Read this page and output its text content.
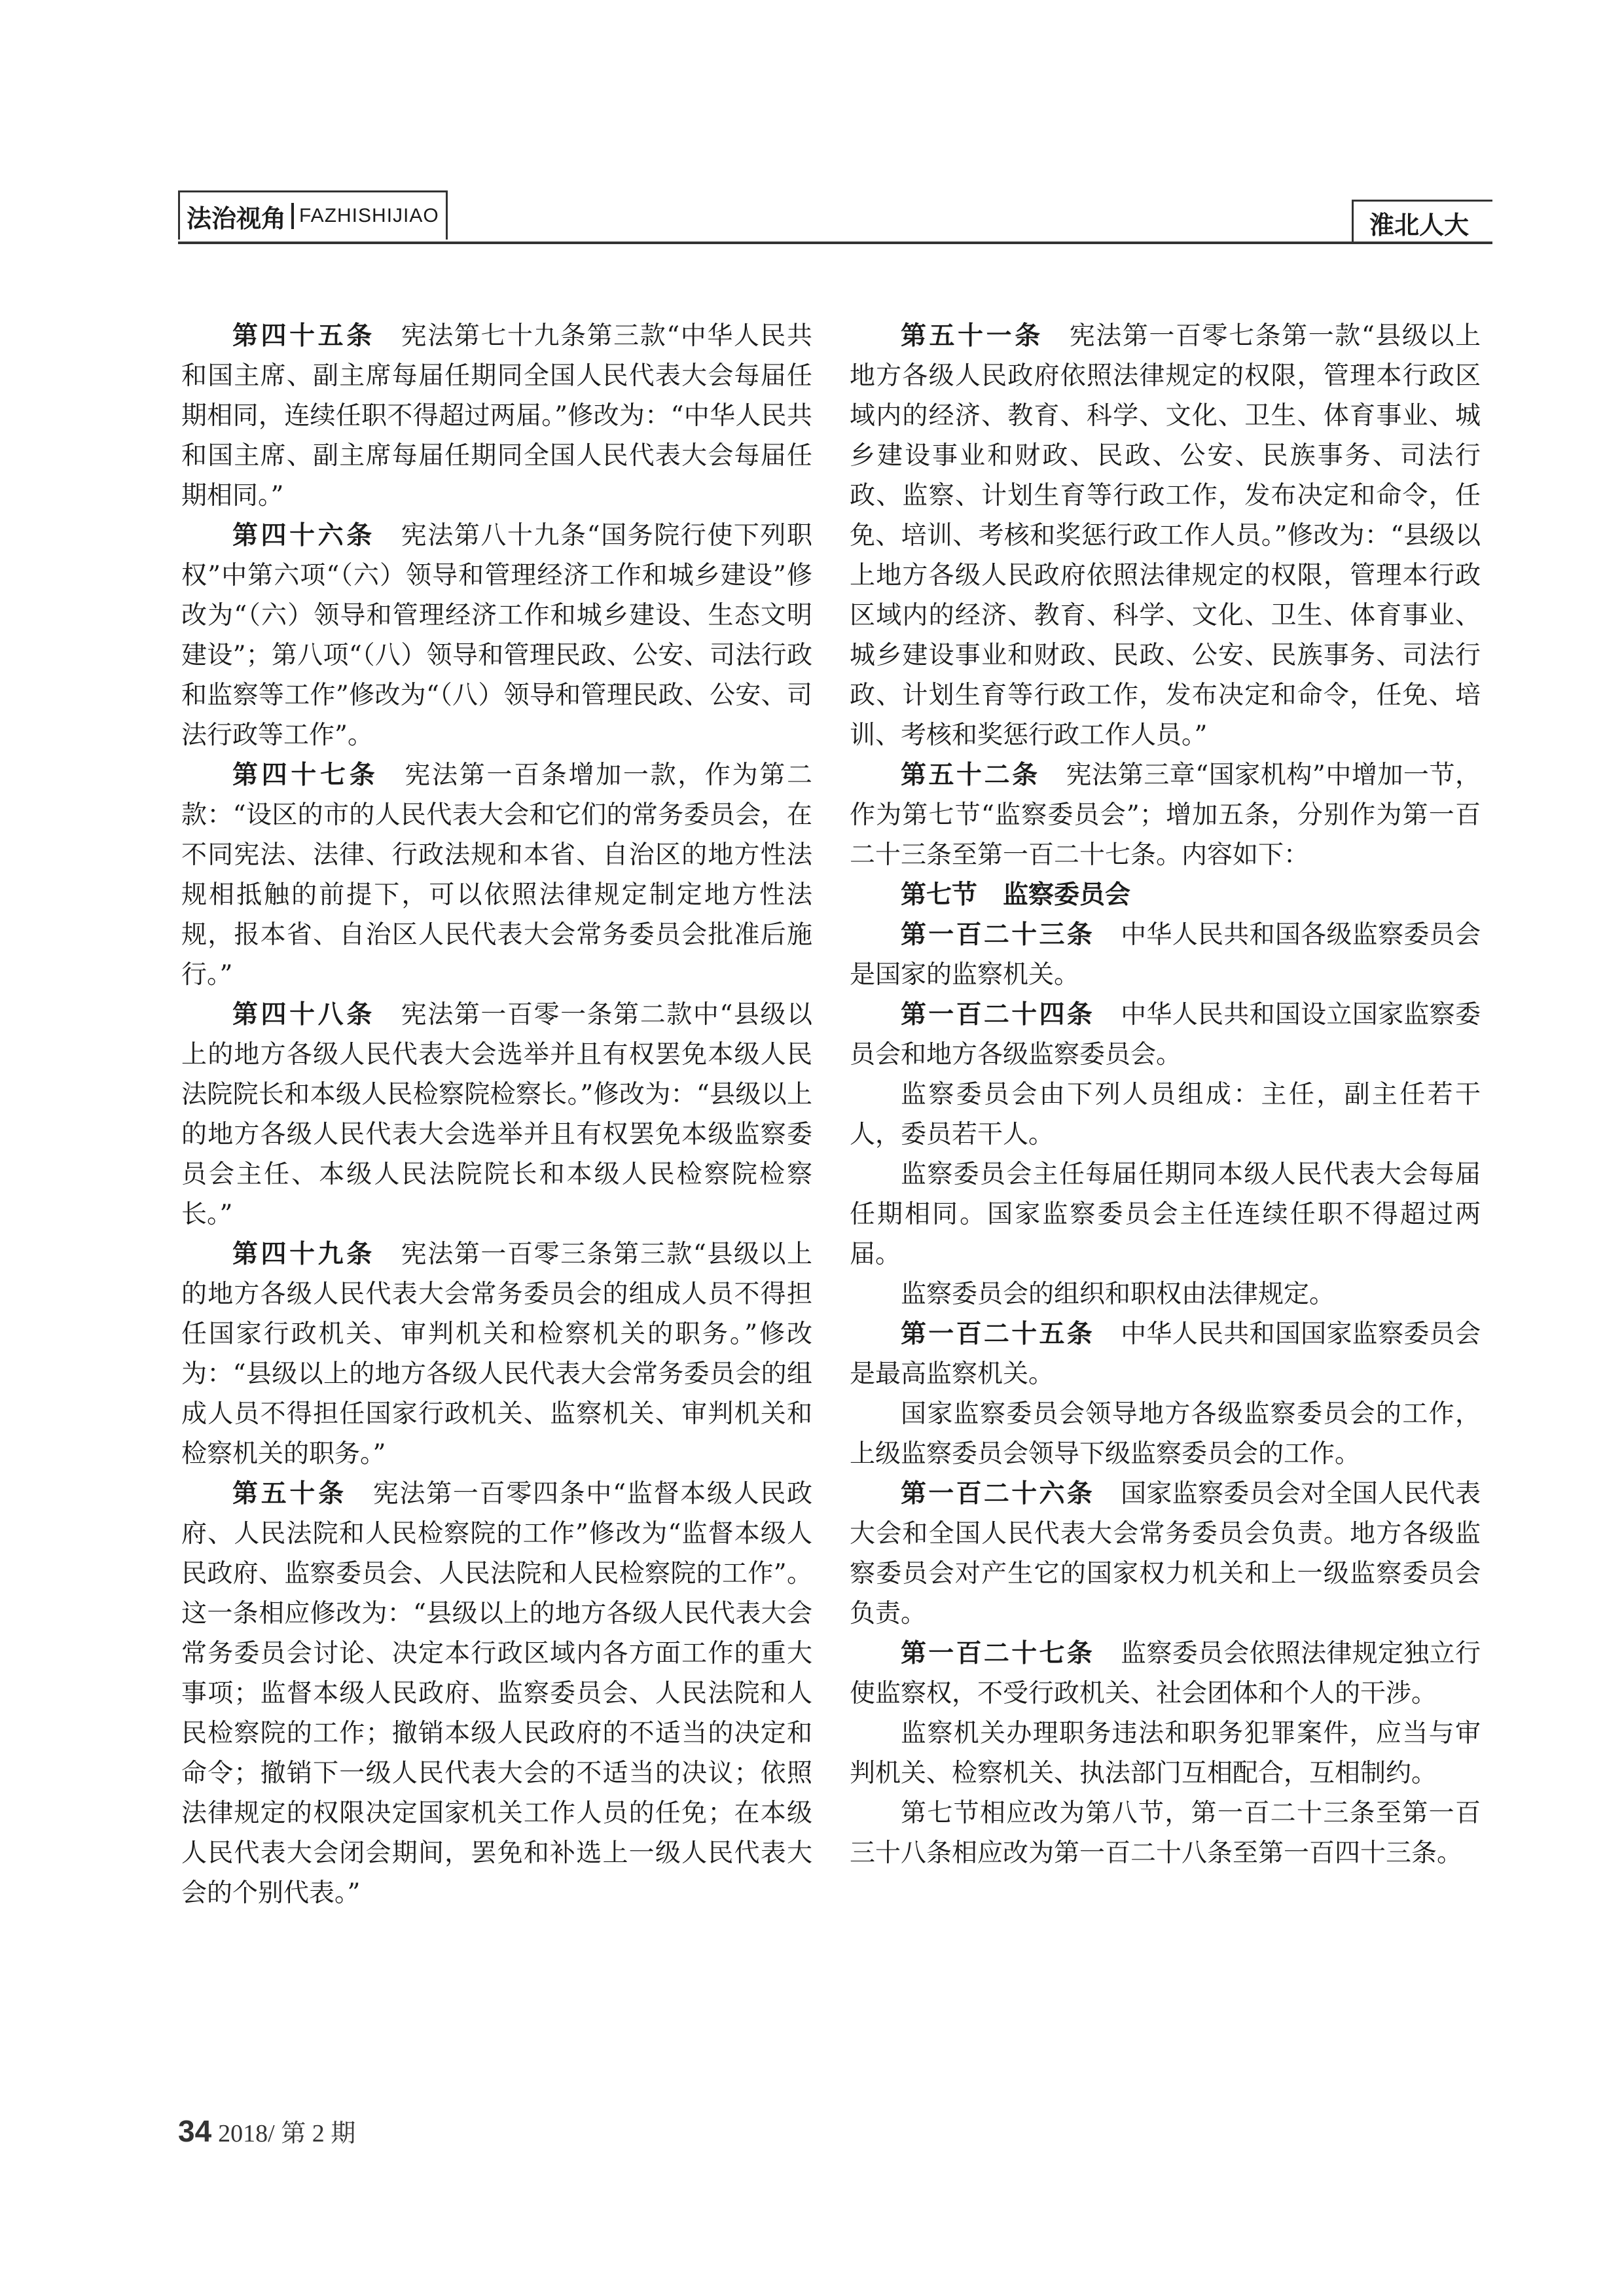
法治视角 FAZHISHIJIAO	淮北人大

第四十五条 宪法第七十九条第三款“中华人民共和国主席、副主席每届任期同全国人民代表大会每届任期相同，连续任职不得超过两届。”修改为：“中华人民共和国主席、副主席每届任期同全国人民代表大会每届任期相同。”

第四十六条 宪法第八十九条“国务院行使下列职权”中第六项“（六）领导和管理经济工作和城乡建设”修改为“（六）领导和管理经济工作和城乡建设、生态文明建设”；第八项“（八）领导和管理民政、公安、司法行政和监察等工作”修改为“（八）领导和管理民政、公安、司法行政等工作”。

第四十七条 宪法第一百条增加一款，作为第二款：“设区的市的人民代表大会和它们的常务委员会，在不同宪法、法律、行政法规和本省、自治区的地方性法规相抵触的前提下，可以依照法律规定制定地方性法规，报本省、自治区人民代表大会常务委员会批准后施行。”

第四十八条 宪法第一百零一条第二款中“县级以上的地方各级人民代表大会选举并且有权罢免本级人民法院院长和本级人民检察院检察长。”修改为：“县级以上的地方各级人民代表大会选举并且有权罢免本级监察委员会主任、本级人民法院院长和本级人民检察院检察长。”

第四十九条 宪法第一百零三条第三款“县级以上的地方各级人民代表大会常务委员会的组成人员不得担任国家行政机关、审判机关和检察机关的职务。”修改为：“县级以上的地方各级人民代表大会常务委员会的组成人员不得担任国家行政机关、监察机关、审判机关和检察机关的职务。”

第五十条 宪法第一百零四条中“监督本级人民政府、人民法院和人民检察院的工作”修改为“监督本级人民政府、监察委员会、人民法院和人民检察院的工作”。这一条相应修改为：“县级以上的地方各级人民代表大会常务委员会讨论、决定本行政区域内各方面工作的重大事项；监督本级人民政府、监察委员会、人民法院和人民检察院的工作；撤销本级人民政府的不适当的决定和命令；撤销下一级人民代表大会的不适当的决议；依照法律规定的权限决定国家机关工作人员的任免；在本级人民代表大会闭会期间，罢免和补选上一级人民代表大会的个别代表。”

第五十一条 宪法第一百零七条第一款“县级以上地方各级人民政府依照法律规定的权限，管理本行政区域内的经济、教育、科学、文化、卫生、体育事业、城乡建设事业和财政、民政、公安、民族事务、司法行政、监察、计划生育等行政工作，发布决定和命令，任免、培训、考核和奖惩行政工作人员。”修改为：“县级以上地方各级人民政府依照法律规定的权限，管理本行政区域内的经济、教育、科学、文化、卫生、体育事业、城乡建设事业和财政、民政、公安、民族事务、司法行政、计划生育等行政工作，发布决定和命令，任免、培训、考核和奖惩行政工作人员。”

第五十二条 宪法第三章“国家机构”中增加一节，作为第七节“监察委员会”；增加五条，分别作为第一百二十三条至第一百二十七条。内容如下：

第七节　监察委员会

第一百二十三条 中华人民共和国各级监察委员会是国家的监察机关。

第一百二十四条 中华人民共和国设立国家监察委员会和地方各级监察委员会。

监察委员会由下列人员组成：主任，副主任若干人，委员若干人。

监察委员会主任每届任期同本级人民代表大会每届任期相同。国家监察委员会主任连续任职不得超过两届。

监察委员会的组织和职权由法律规定。

第一百二十五条 中华人民共和国国家监察委员会是最高监察机关。

国家监察委员会领导地方各级监察委员会的工作，上级监察委员会领导下级监察委员会的工作。

第一百二十六条 国家监察委员会对全国人民代表大会和全国人民代表大会常务委员会负责。地方各级监察委员会对产生它的国家权力机关和上一级监察委员会负责。

第一百二十七条 监察委员会依照法律规定独立行使监察权，不受行政机关、社会团体和个人的干涉。

监察机关办理职务违法和职务犯罪案件，应当与审判机关、检察机关、执法部门互相配合，互相制约。

第七节相应改为第八节，第一百二十三条至第一百三十八条相应改为第一百二十八条至第一百四十三条。

34 2018/ 第 2 期
